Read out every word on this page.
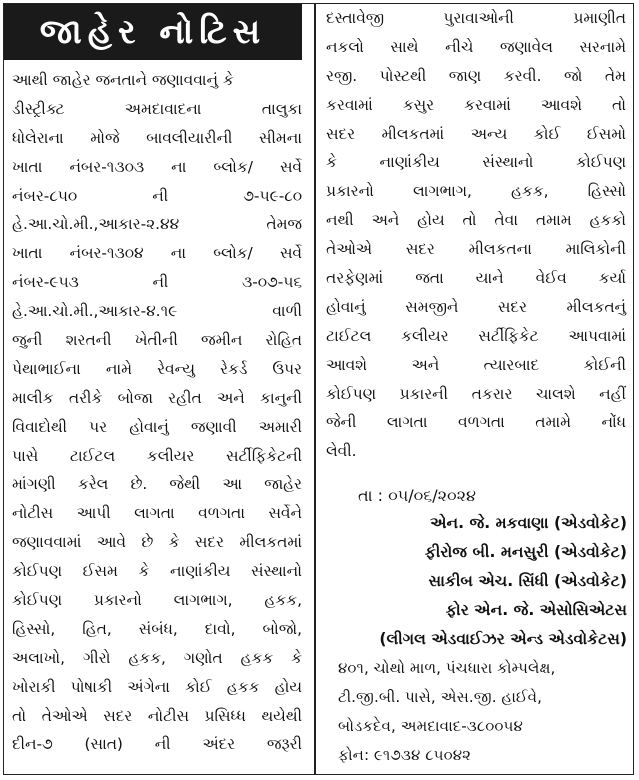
જાહેર નોટિસ
આથી જાહેર જનતાને જણાવવાનું કે
ડીસ્ટ્રીક્ટ અમદાવાદના તાલુકા
ધોલેરાના મોજે બાવલીયારીની સીમના
ખાતા નંબર-૧૩૦૩ ના બ્લોક/ સર્વે
નંબર-૮૫૦ ની ૭-૫૯-૮૦
હે.આ.ચો.મી.,આકાર-૨.૪૪ તેમજ
ખાતા નંબર-૧૩૦૪ ના બ્લોક/ સર્વે
નંબર-૯૫૩ ની ૩-૦૭-૫૬
હે.આ.ચો.મી.,આકાર-૪.૧૯ વાળી
જુની શરતની ખેતીની જમીન રોહિત
પેથાભાઈના નામે રેવન્યુ રેકર્ડ ઉપર
માલીક તરીકે બોજા રહીત અને કાનુની
વિવાદોથી પર હોવાનું જણાવી અમારી
પાસે ટાઈટલ કલીયર સર્ટીફિકેટની
માંગણી કરેલ છે. જેથી આ જાહેર
નોટીસ આપી લાગતા વળગતા સર્વેને
જણાવવામાં આવે છે કે સદર મીલકતમાં
કોઈપણ ઈસમ કે નાણાંકીય સંસ્થાનો
કોઈપણ પ્રકારનો લાગભાગ, હકક,
હિસ્સો, હિત, સંબંધ, દાવો, બોજો,
અલાખો, ગીરો હકક, ગણોત હકક કે
ખોરાકી પોષાકી અંગેના કોઈ હકક હોય
તો તેઓએ સદર નોટીસ પ્રસિધ્ધ થયેથી
દીન-૭ (સાત) ની અંદર જરૂરી
દસ્તાવેજી પુરાવાઓની પ્રમાણીત
નકલો સાથે નીચે જણાવેલ સરનામે
રજી. પોસ્ટથી જાણ કરવી. જો તેમ
કરવામાં કસુર કરવામાં આવશે તો
સદર મીલકતમાં અન્ય કોઈ ઈસમો
કે નાણાંકીય સંસ્થાનો કોઈપણ
પ્રકારનો લાગભાગ, હકક, હિસ્સો
નથી અને હોય તો તેવા તમામ હકકો
તેઓએ સદર મીલકતના માલિકોની
તરફેણમાં જતા યાને વેઈવ કર્યા
હોવાનું સમજીને સદર મીલકતનું
ટાઈટલ કલીયર સર્ટીફિકેટ આપવામાં
આવશે અને ત્યારબાદ કોઈની
કોઈપણ પ્રકારની તકરાર ચાલશે નહીં
જેની લાગતા વળગતા તમામે નોંધ
લેવી.
તા : ૦૫/૦૬/૨૦૨૪
એન. જે. મકવાણા (એડવોકેટ)
ફીરોજ બી. મનસુરી (એડવોકેટ)
સાકીબ એચ. સિંધી (એડવોકેટ)
ફોર એન. જે. એસોસિએટસ
(લીગલ એડવાઈઝર એન્ડ એડવોકેટસ)
૪૦૧, ચોથો માળ, પંચધારા કોમ્પલેક્ષ,
ટી.જી.બી. પાસે, એસ.જી. હાઈવે,
બોડકદેવ, અમદાવાદ-૩૮૦૦૫૪
ફોન: ૯૧૭૩૪ ૮૫૦૪૨
